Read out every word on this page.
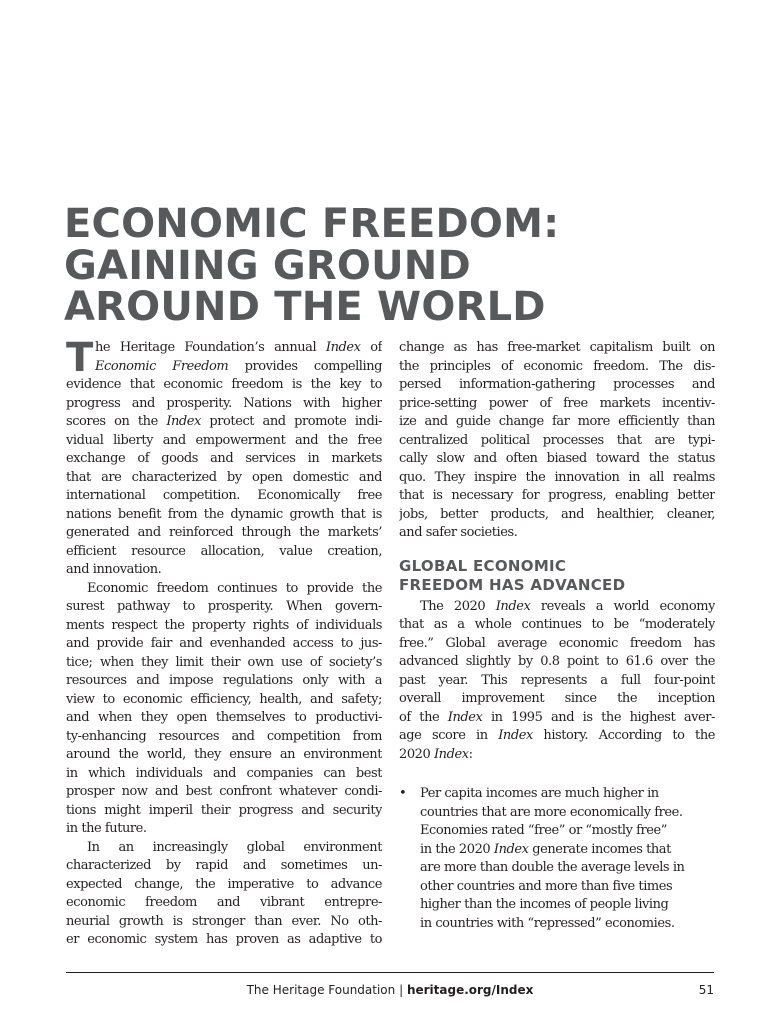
ECONOMIC FREEDOM:
GAINING GROUND
AROUND THE WORLD
T he Heritage Foundation’s annual Index of
Economic Freedom provides compelling
evidence that economic freedom is the key to
progress and prosperity. Nations with higher
scores on the Index protect and promote indi-
vidual liberty and empowerment and the free
exchange of goods and services in markets
that are characterized by open domestic and
international competition. Economically free
nations benefit from the dynamic growth that is
generated and reinforced through the markets’
efficient resource allocation, value creation,
and innovation.
Economic freedom continues to provide the
surest pathway to prosperity. When govern-
ments respect the property rights of individuals
and provide fair and evenhanded access to jus-
tice; when they limit their own use of society’s
resources and impose regulations only with a
view to economic efficiency, health, and safety;
and when they open themselves to productivi-
ty-enhancing resources and competition from
around the world, they ensure an environment
in which individuals and companies can best
prosper now and best confront whatever condi-
tions might imperil their progress and security
in the future.
In an increasingly global environment
characterized by rapid and sometimes un-
expected change, the imperative to advance
economic freedom and vibrant entrepre-
neurial growth is stronger than ever. No oth-
er economic system has proven as adaptive to
change as has free-market capitalism built on
the principles of economic freedom. The dis-
persed information-gathering processes and
price-setting power of free markets incentiv-
ize and guide change far more efficiently than
centralized political processes that are typi-
cally slow and often biased toward the status
quo. They inspire the innovation in all realms
that is necessary for progress, enabling better
jobs, better products, and healthier, cleaner,
and safer societies.
GLOBAL ECONOMIC
FREEDOM HAS ADVANCED
The 2020 Index reveals a world economy
that as a whole continues to be “moderately
free.” Global average economic freedom has
advanced slightly by 0.8 point to 61.6 over the
past year. This represents a full four-point
overall improvement since the inception
of the Index in 1995 and is the highest aver-
age score in Index history. According to the
2020 Index:
• Per capita incomes are much higher in
countries that are more economically free.
Economies rated “free” or “mostly free”
in the 2020 Index generate incomes that
are more than double the average levels in
other countries and more than five times
higher than the incomes of people living
in countries with “repressed” economies.
The Heritage Foundation | heritage.org/Index	51
